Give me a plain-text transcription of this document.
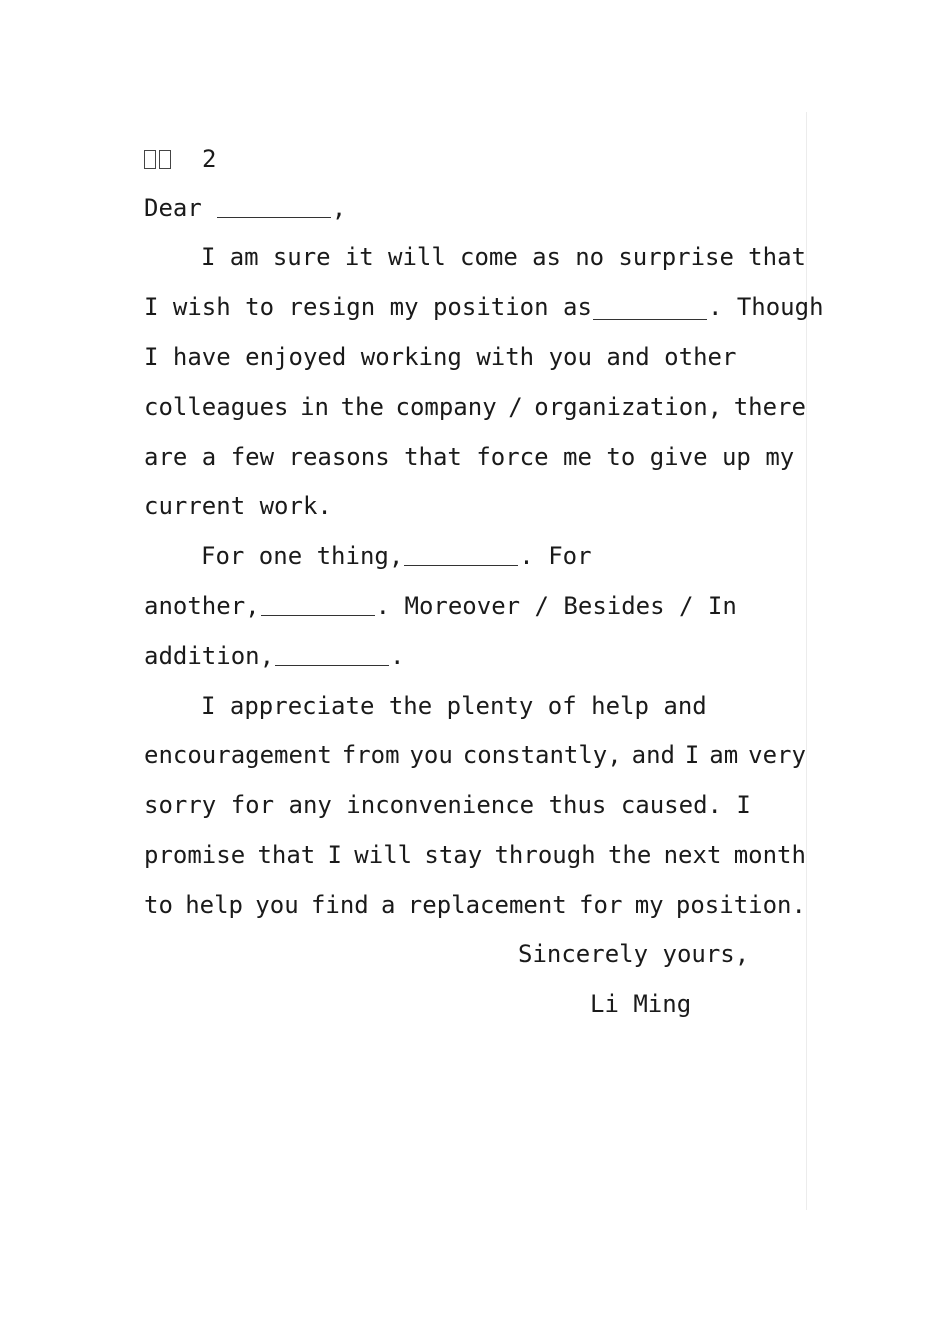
2
Dear	,
I am sure it will come as no surprise that
I wish to resign my position as	. Though
I have enjoyed working with you and other
colleagues in the company / organization, there
are a few reasons that force me to give up my
current work.
For one thing,	. For
another,	. Moreover / Besides / In
addition,	.
I appreciate the plenty of help and
encouragement from you constantly, and I am very
sorry for any inconvenience thus caused. I
promise that I will stay through the next month
to help you find a replacement for my position.
Sincerely yours,
Li Ming
